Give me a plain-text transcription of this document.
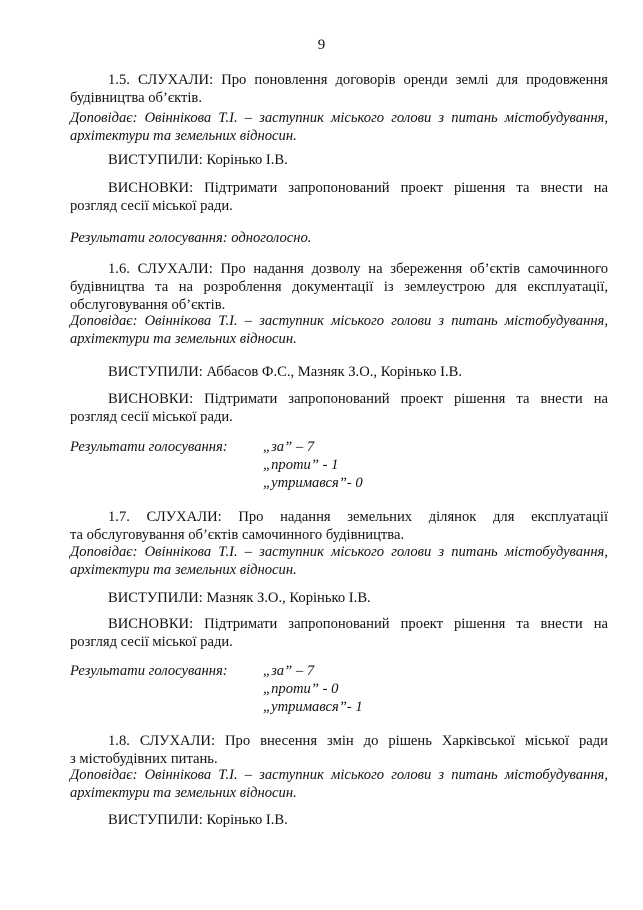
9

1.5. СЛУХАЛИ: Про поновлення договорів оренди землі для продовження

будівництва об’єктів.

Доповідає: Овіннікова Т.І. – заступник міського голови з питань містобудування,

архітектури та земельних відносин.

ВИСТУПИЛИ: Корінько І.В.

ВИСНОВКИ: Підтримати запропонований проект рішення та внести на

розгляд сесії міської ради.

Результати голосування: одноголосно.

1.6. СЛУХАЛИ: Про надання дозволу на збереження об’єктів самочинного

будівництва та на розроблення документації із землеустрою для експлуатації,

обслуговування об’єктів.

Доповідає: Овіннікова Т.І. – заступник міського голови з питань містобудування,

архітектури та земельних відносин.

ВИСТУПИЛИ: Аббасов Ф.С., Мазняк З.О., Корінько І.В.

ВИСНОВКИ: Підтримати запропонований проект рішення та внести на

розгляд сесії міської ради.

Результати голосування: „за” – 7
„проти” - 1
„утримався”- 0

1.7. СЛУХАЛИ: Про надання земельних ділянок для експлуатації

та обслуговування об’єктів самочинного будівництва.

Доповідає: Овіннікова Т.І. – заступник міського голови з питань містобудування,

архітектури та земельних відносин.

ВИСТУПИЛИ: Мазняк З.О., Корінько І.В.

ВИСНОВКИ: Підтримати запропонований проект рішення та внести на

розгляд сесії міської ради.

Результати голосування: „за” – 7
„проти” - 0
„утримався”- 1

1.8. СЛУХАЛИ: Про внесення змін до рішень Харківської міської ради

з містобудівних питань.

Доповідає: Овіннікова Т.І. – заступник міського голови з питань містобудування,

архітектури та земельних відносин.

ВИСТУПИЛИ: Корінько І.В.
